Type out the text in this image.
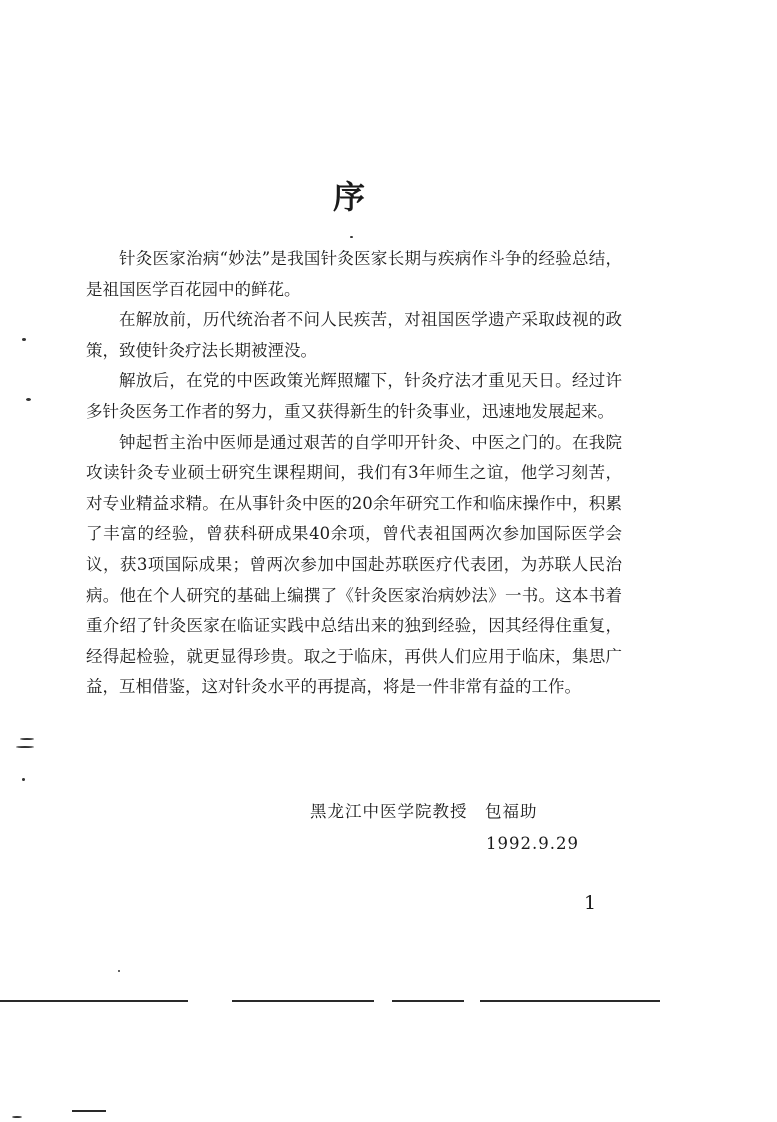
序

针灸医家治病“妙法”是我国针灸医家长期与疾病作斗争的经验总结，是祖国医学百花园中的鲜花。

在解放前，历代统治者不问人民疾苦，对祖国医学遗产采取歧视的政策，致使针灸疗法长期被湮没。

解放后，在党的中医政策光辉照耀下，针灸疗法才重见天日。经过许多针灸医务工作者的努力，重又获得新生的针灸事业，迅速地发展起来。

钟起哲主治中医师是通过艰苦的自学叩开针灸、中医之门的。在我院攻读针灸专业硕士研究生课程期间，我们有3年师生之谊，他学习刻苦，对专业精益求精。在从事针灸中医的20余年研究工作和临床操作中，积累了丰富的经验，曾获科研成果40余项，曾代表祖国两次参加国际医学会议，获3项国际成果；曾两次参加中国赴苏联医疗代表团，为苏联人民治病。他在个人研究的基础上编撰了《针灸医家治病妙法》一书。这本书着重介绍了针灸医家在临证实践中总结出来的独到经验，因其经得住重复，经得起检验，就更显得珍贵。取之于临床，再供人们应用于临床，集思广益，互相借鉴，这对针灸水平的再提高，将是一件非常有益的工作。

黑龙江中医学院教授　包福助
1992.9.29
1
